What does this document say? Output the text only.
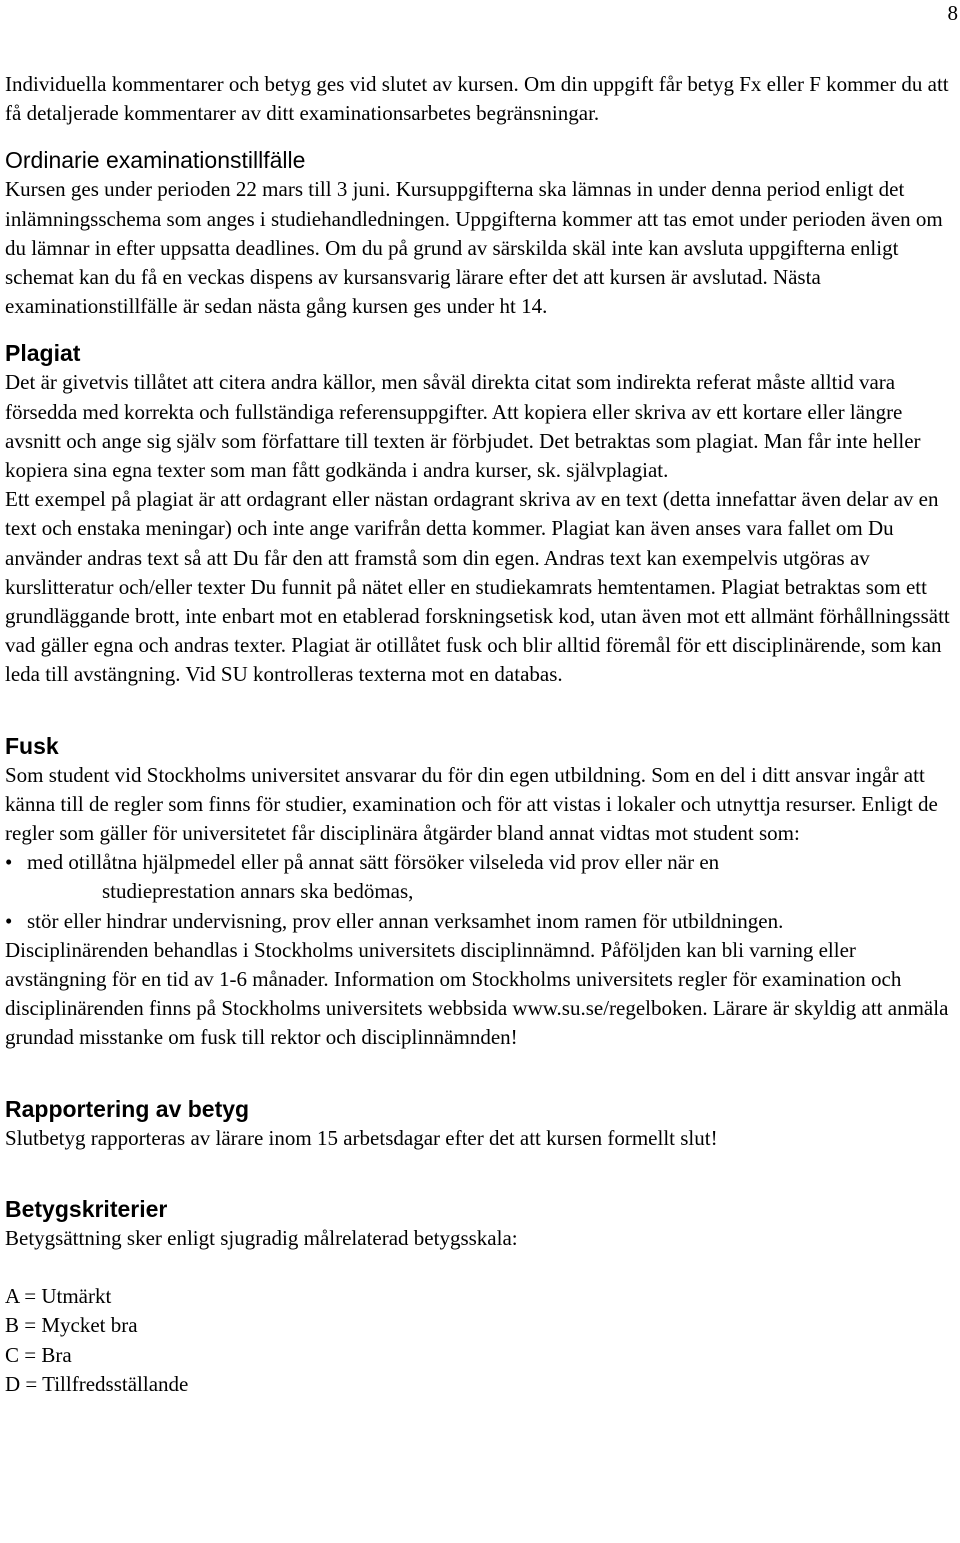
8

Individuella kommentarer och betyg ges vid slutet av kursen. Om din uppgift får betyg Fx eller F kommer du att få detaljerade kommentarer av ditt examinationsarbetes begränsningar.

Ordinarie examinationstillfälle

Kursen ges under perioden 22 mars till 3 juni. Kursuppgifterna ska lämnas in under denna period enligt det inlämningsschema som anges i studiehandledningen. Uppgifterna kommer att tas emot under perioden även om du lämnar in efter uppsatta deadlines. Om du på grund av särskilda skäl inte kan avsluta uppgifterna enligt schemat kan du få en veckas dispens av kursansvarig lärare efter det att kursen är avslutad. Nästa examinationstillfälle är sedan nästa gång kursen ges under ht 14.

Plagiat

Det är givetvis tillåtet att citera andra källor, men såväl direkta citat som indirekta referat måste alltid vara försedda med korrekta och fullständiga referensuppgifter. Att kopiera eller skriva av ett kortare eller längre avsnitt och ange sig själv som författare till texten är förbjudet. Det betraktas som plagiat. Man får inte heller kopiera sina egna texter som man fått godkända i andra kurser, sk. självplagiat.

Ett exempel på plagiat är att ordagrant eller nästan ordagrant skriva av en text (detta innefattar även delar av en text och enstaka meningar) och inte ange varifrån detta kommer. Plagiat kan även anses vara fallet om Du använder andras text så att Du får den att framstå som din egen. Andras text kan exempelvis utgöras av kurslitteratur och/eller texter Du funnit på nätet eller en studiekamrats hemtentamen. Plagiat betraktas som ett grundläggande brott, inte enbart mot en etablerad forskningsetisk kod, utan även mot ett allmänt förhållningssätt vad gäller egna och andras texter. Plagiat är otillåtet fusk och blir alltid föremål för ett disciplinärende, som kan leda till avstängning. Vid SU kontrolleras texterna mot en databas.

Fusk

Som student vid Stockholms universitet ansvarar du för din egen utbildning. Som en del i ditt ansvar ingår att känna till de regler som finns för studier, examination och för att vistas i lokaler och utnyttja resurser. Enligt de regler som gäller för universitetet får disciplinära åtgärder bland annat vidtas mot student som:

• med otillåtna hjälpmedel eller på annat sätt försöker vilseleda vid prov eller när en
studieprestation annars ska bedömas,
• stör eller hindrar undervisning, prov eller annan verksamhet inom ramen för utbildningen.

Disciplinärenden behandlas i Stockholms universitets disciplinnämnd. Påföljden kan bli varning eller avstängning för en tid av 1-6 månader. Information om Stockholms universitets regler för examination och disciplinärenden finns på Stockholms universitets webbsida www.su.se/regelboken. Lärare är skyldig att anmäla grundad misstanke om fusk till rektor och disciplinnämnden!

Rapportering av betyg

Slutbetyg rapporteras av lärare inom 15 arbetsdagar efter det att kursen formellt slut!

Betygskriterier

Betygsättning sker enligt sjugradig målrelaterad betygsskala:

A = Utmärkt

B = Mycket bra

C = Bra

D = Tillfredsställande
